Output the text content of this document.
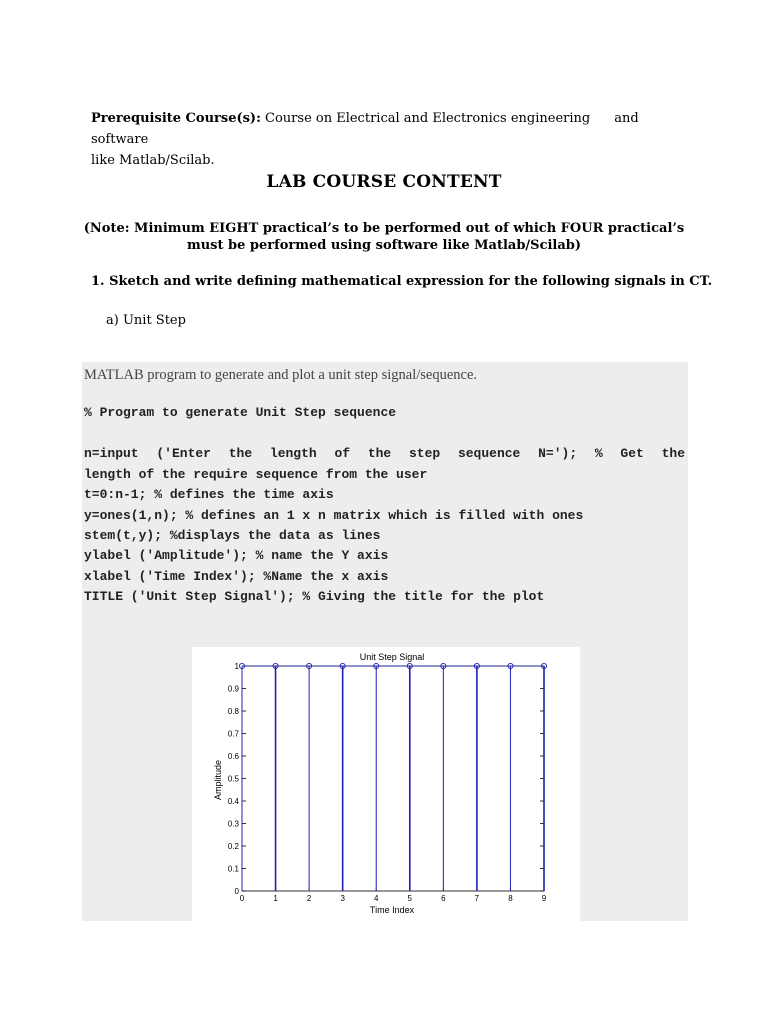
Prerequisite Course(s): Course on Electrical and Electronics engineering and software
like Matlab/Scilab.
LAB COURSE CONTENT
(Note: Minimum EIGHT practical’s to be performed out of which FOUR practical’s
must be performed using software like Matlab/Scilab)
1. Sketch and write defining mathematical expression for the following signals in CT.
a) Unit Step
MATLAB program to generate and plot a unit step signal/sequence.
% Program to generate Unit Step sequence
n=input ('Enter the length of the step sequence N='); % Get the
length of the require sequence from the user
t=0:n-1; % defines the time axis
y=ones(1,n); % defines an 1 x n matrix which is filled with ones
stem(t,y); %displays the data as lines
ylabel ('Amplitude'); % name the Y axis
xlabel ('Time Index'); %Name the x axis
TITLE ('Unit Step Signal'); % Giving the title for the plot
Unit Step Signal
Time Index
Amplitude
0
0.1
0.2
0.3
0.4
0.5
0.6
0.7
0.8
0.9
1
0	1	2	3	4	5	6	7	8	9
